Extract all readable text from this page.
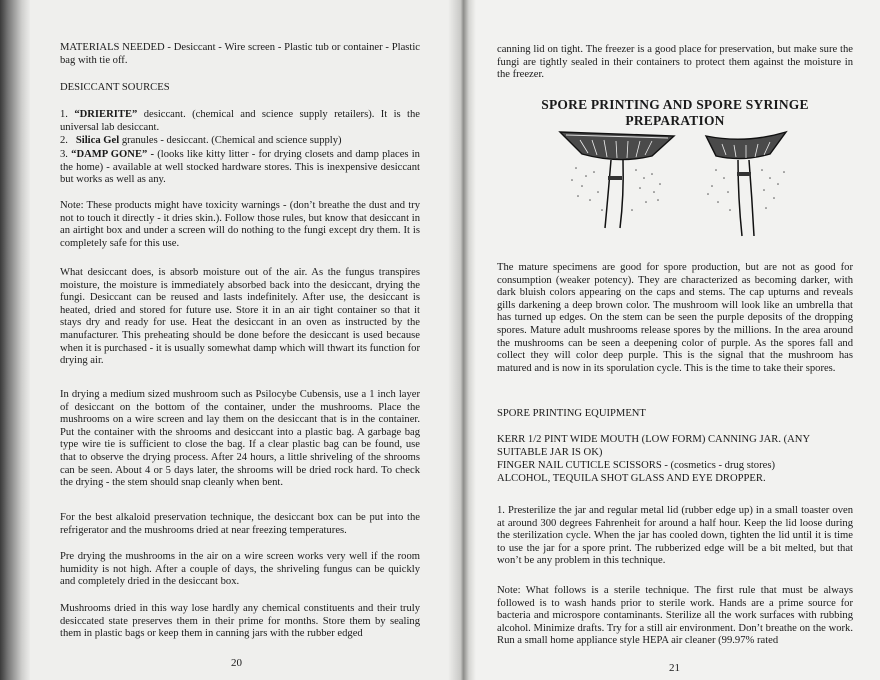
MATERIALS NEEDED - Desiccant - Wire screen - Plastic tub or container - Plastic bag with tie off.

DESICCANT SOURCES

1. “DRIERITE” desiccant. (chemical and science supply retailers). It is the universal lab desiccant.

2. Silica Gel granules - desiccant. (Chemical and science supply)

3. “DAMP GONE” - (looks like kitty litter - for drying closets and damp places in the home) - available at well stocked hardware stores. This is inexpensive desiccant but works as well as any.

Note: These products might have toxicity warnings - (don’t breathe the dust and try not to touch it directly - it dries skin.). Follow those rules, but know that desiccant in an airtight box and under a screen will do nothing to the fungi except dry them. It is completely safe for this use.

What desiccant does, is absorb moisture out of the air. As the fungus transpires moisture, the moisture is immediately absorbed back into the desiccant, drying the fungi. Desiccant can be reused and lasts indefinitely. After use, the desiccant is heated, dried and stored for future use. Store it in an air tight container so that it stays dry and ready for use. Heat the desiccant in an oven as instructed by the manufacturer. This preheating should be done before the desiccant is used because when it is purchased - it is usually somewhat damp which will thwart its function for drying air.

In drying a medium sized mushroom such as Psilocybe Cubensis, use a 1 inch layer of desiccant on the bottom of the container, under the mushrooms. Place the mushrooms on a wire screen and lay them on the desiccant that is in the container. Put the container with the shrooms and desiccant into a plastic bag. A garbage bag type wire tie is sufficient to close the bag. If a clear plastic bag can be found, use that to observe the drying process. After 24 hours, a little shriveling of the shrooms can be seen. About 4 or 5 days later, the shrooms will be dried rock hard. To check the drying - the stem should snap cleanly when bent.

For the best alkaloid preservation technique, the desiccant box can be put into the refrigerator and the mushrooms dried at near freezing temperatures.

Pre drying the mushrooms in the air on a wire screen works very well if the room humidity is not high. After a couple of days, the shriveling fungus can be quickly and completely dried in the desiccant box.

Mushrooms dried in this way lose hardly any chemical constituents and their truly desiccated state preserves them in their prime for months. Store them by sealing them in plastic bags or keep them in canning jars with the rubber edged

20

canning lid on tight. The freezer is a good place for preservation, but make sure the fungi are tightly sealed in their containers to protect them against the moisture in the freezer.

SPORE PRINTING AND SPORE SYRINGE PREPARATION

The mature specimens are good for spore production, but are not as good for consumption (weaker potency). They are characterized as becoming darker, with dark bluish colors appearing on the caps and stems. The cap upturns and reveals gills darkening a deep brown color. The mushroom will look like an umbrella that has turned up edges. On the stem can be seen the purple deposits of the dropping spores. Mature adult mushrooms release spores by the millions. In the area around the mushrooms can be seen a deepening color of purple. As the spores fall and collect they will color deep purple. This is the signal that the mushroom has matured and is now in its sporulation cycle. This is the time to take their spores.

SPORE PRINTING EQUIPMENT

KERR 1/2 PINT WIDE MOUTH (LOW FORM) CANNING JAR. (ANY SUITABLE JAR IS OK)

FINGER NAIL CUTICLE SCISSORS - (cosmetics - drug stores)

ALCOHOL, TEQUILA SHOT GLASS AND EYE DROPPER.

1. Presterilize the jar and regular metal lid (rubber edge up) in a small toaster oven at around 300 degrees Fahrenheit for around a half hour. Keep the lid loose during the sterilization cycle. When the jar has cooled down, tighten the lid until it is time to use the jar for a spore print. The rubberized edge will be a bit melted, but that won’t be any problem in this technique.

Note: What follows is a sterile technique. The first rule that must be always followed is to wash hands prior to sterile work. Hands are a prime source for bacteria and microspore contaminants. Sterilize all the work surfaces with rubbing alcohol. Minimize drafts. Try for a still air environment. Don’t breathe on the work. Run a small home appliance style HEPA air cleaner (99.97% rated

21
